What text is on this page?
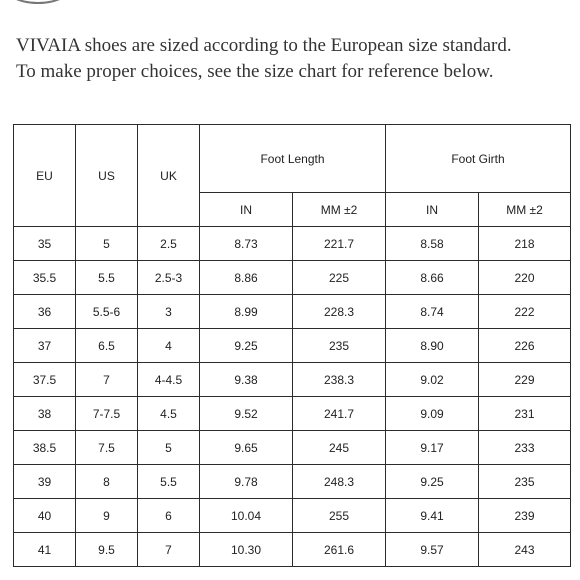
VIVAIA shoes are sized according to the European size standard.
To make proper choices, see the size chart for reference below.
EU	US	UK	Foot Length		Foot Girth	
			IN	MM ±2	IN	MM ±2
35	5	2.5	8.73	221.7	8.58	218
35.5	5.5	2.5-3	8.86	225	8.66	220
36	5.5-6	3	8.99	228.3	8.74	222
37	6.5	4	9.25	235	8.90	226
37.5	7	4-4.5	9.38	238.3	9.02	229
38	7-7.5	4.5	9.52	241.7	9.09	231
38.5	7.5	5	9.65	245	9.17	233
39	8	5.5	9.78	248.3	9.25	235
40	9	6	10.04	255	9.41	239
41	9.5	7	10.30	261.6	9.57	243
